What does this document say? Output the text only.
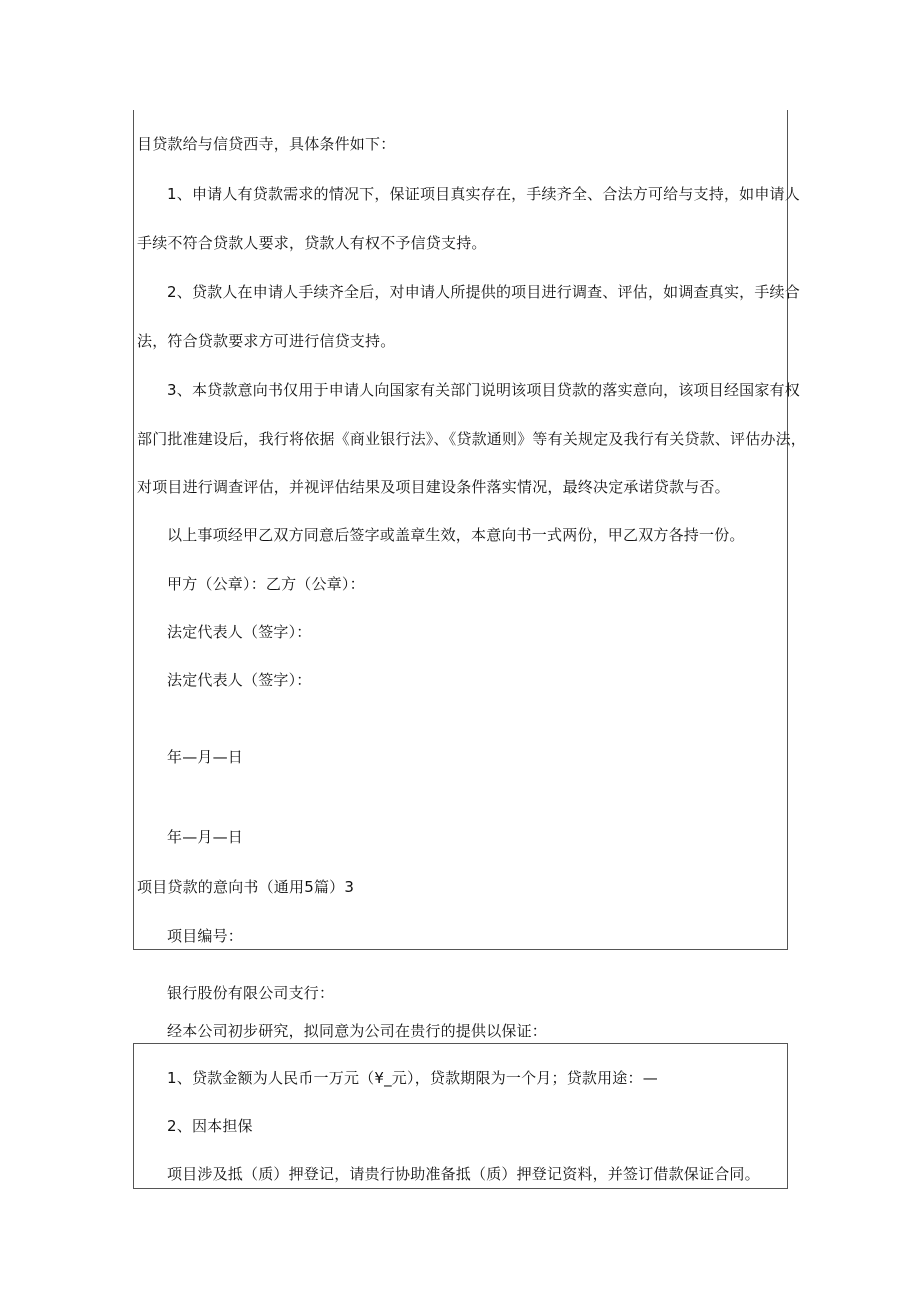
目贷款给与信贷西寺，具体条件如下：
1、申请人有贷款需求的情况下，保证项目真实存在，手续齐全、合法方可给与支持，如申请人
手续不符合贷款人要求，贷款人有权不予信贷支持。
2、贷款人在申请人手续齐全后，对申请人所提供的项目进行调查、评估，如调查真实，手续合
法，符合贷款要求方可进行信贷支持。
3、本贷款意向书仅用于申请人向国家有关部门说明该项目贷款的落实意向，该项目经国家有权
部门批准建设后，我行将依据《商业银行法》、《贷款通则》等有关规定及我行有关贷款、评估办法，
对项目进行调查评估，并视评估结果及项目建设条件落实情况，最终决定承诺贷款与否。
以上事项经甲乙双方同意后签字或盖章生效，本意向书一式两份，甲乙双方各持一份。
甲方（公章）：乙方（公章）：
法定代表人（签字）：
法定代表人（签字）：
年—月—日
年—月—日
项目贷款的意向书（通用5篇）3
项目编号：
银行股份有限公司支行：
经本公司初步研究，拟同意为公司在贵行的提供以保证：
1、贷款金额为人民币一万元（¥_元），贷款期限为一个月；贷款用途：—
2、因本担保
项目涉及抵（质）押登记，请贵行协助准备抵（质）押登记资料，并签订借款保证合同。
